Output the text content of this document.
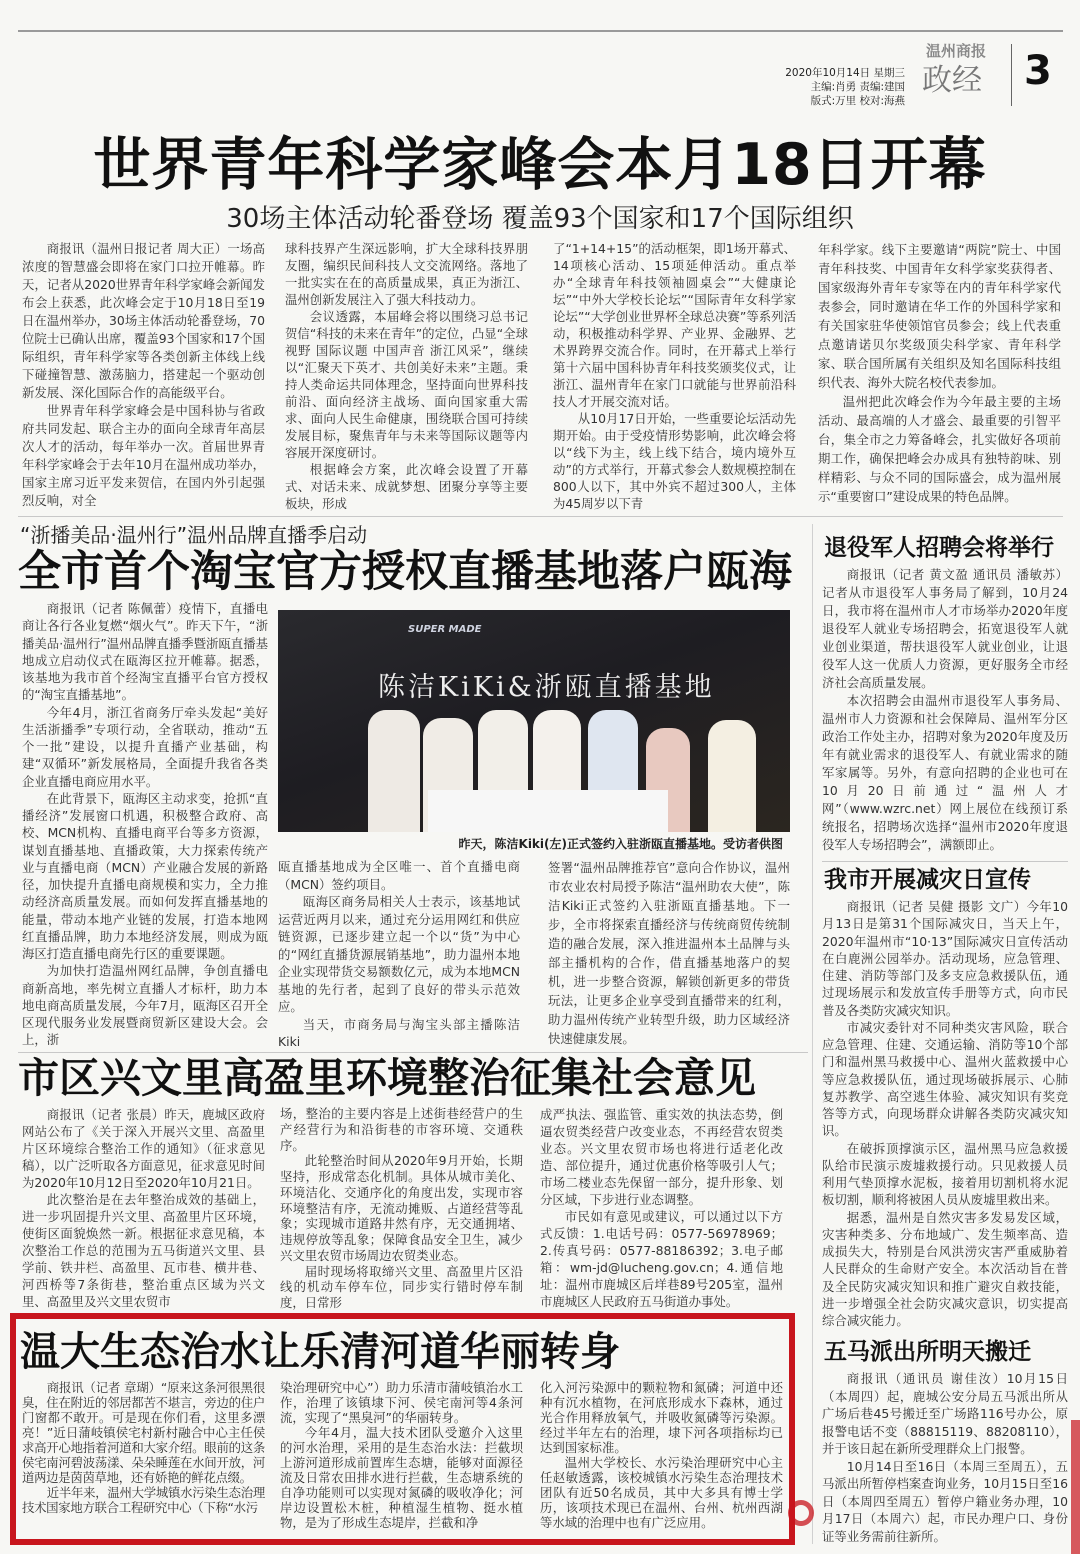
2020年10月14日 星期三
主编:肖勇 责编:建国
版式:万里 校对:海燕
温州商报
政经 3
世界青年科学家峰会本月18日开幕
30场主体活动轮番登场 覆盖93个国家和17个国际组织

商报讯（温州日报记者 周大正）一场高浓度的智慧盛会即将在家门口拉开帷幕。昨天，记者从2020世界青年科学家峰会新闻发布会上获悉，此次峰会定于10月18日至19日在温州举办，30场主体活动轮番登场，70位院士已确认出席，覆盖93个国家和17个国际组织，青年科学家等各类创新主体线上线下碰撞智慧、激荡脑力，搭建起一个驱动创新发展、深化国际合作的高能级平台。

世界青年科学家峰会是中国科协与省政府共同发起、联合主办的面向全球青年高层次人才的活动，每年举办一次。首届世界青年科学家峰会于去年10月在温州成功举办，国家主席习近平发来贺信，在国内外引起强烈反响，对全

球科技界产生深远影响，扩大全球科技界朋友圈，编织民间科技人文交流网络。落地了一批实实在在的高质量成果，真正为浙江、温州创新发展注入了强大科技动力。

会议透露，本届峰会将以围绕习总书记贺信“科技的未来在青年”的定位，凸显“全球视野 国际议题 中国声音 浙江风采”，继续以“汇聚天下英才、共创美好未来”主题。秉持人类命运共同体理念，坚持面向世界科技前沿、面向经济主战场、面向国家重大需求、面向人民生命健康，围绕联合国可持续发展目标，聚焦青年与未来等国际议题等内容展开深度研讨。

根据峰会方案，此次峰会设置了开幕式、对话未来、成就梦想、团聚分享等主要板块，形成

了“1+14+15”的活动框架，即1场开幕式、14项核心活动、15项延伸活动。重点举办“全球青年科技领袖圆桌会”“大健康论坛”“中外大学校长论坛”“国际青年女科学家论坛”“大学创业世界杯全球总决赛”等系列活动，积极推动科学界、产业界、金融界、艺术界跨界交流合作。同时，在开幕式上举行第十六届中国科协青年科技奖颁奖仪式，让浙江、温州青年在家门口就能与世界前沿科技人才开展交流对话。

从10月17日开始，一些重要论坛活动先期开始。由于受疫情形势影响，此次峰会将以“线下为主，线上线下结合，境内境外互动”的方式举行，开幕式参会人数规模控制在800人以下，其中外宾不超过300人，主体为45周岁以下青

年科学家。线下主要邀请“两院”院士、中国青年科技奖、中国青年女科学家奖获得者、国家级海外青年专家等在内的青年科学家代表参会，同时邀请在华工作的外国科学家和有关国家驻华使领馆官员参会；线上代表重点邀请诺贝尔奖级顶尖科学家、青年科学家、联合国所属有关组织及知名国际科技组织代表、海外大院名校代表参加。

温州把此次峰会作为今年最主要的主场活动、最高端的人才盛会、最重要的引智平台，集全市之力筹备峰会，扎实做好各项前期工作，确保把峰会办成具有独特韵味、别样精彩、与众不同的国际盛会，成为温州展示“重要窗口”建设成果的特色品牌。

“浙播美品·温州行”温州品牌直播季启动
全市首个淘宝官方授权直播基地落户瓯海

商报讯（记者 陈佩蕾）疫情下，直播电商让各行各业复燃“烟火气”。昨天下午，“浙播美品·温州行”温州品牌直播季暨浙瓯直播基地成立启动仪式在瓯海区拉开帷幕。据悉，该基地为我市首个经淘宝直播平台官方授权的“淘宝直播基地”。

今年4月，浙江省商务厅牵头发起“美好生活浙播季”专项行动，全省联动，推动“五个一批”建设，以提升直播产业基础，构建“双循环”新发展格局，全面提升我省各类企业直播电商应用水平。

在此背景下，瓯海区主动求变，抢抓“直播经济”发展窗口机遇，积极整合政府、高校、MCN机构、直播电商平台等多方资源，谋划直播基地、直播政策，大力探索传统产业与直播电商（MCN）产业融合发展的新路径，加快提升直播电商规模和实力，全力推动经济高质量发展。而如何发挥直播基地的能量，带动本地产业链的发展，打造本地网红直播品牌，助力本地经济发展，则成为瓯海区打造直播电商先行区的重要课题。

为加快打造温州网红品牌，争创直播电商新高地，率先树立直播人才标杆，助力本地电商高质量发展，今年7月，瓯海区召开全区现代服务业发展暨商贸新区建设大会。会上，浙

SUPER MADE
陈洁KiKi&浙瓯直播基地
昨天，陈洁Kiki(左)正式签约入驻浙瓯直播基地。受访者供图

瓯直播基地成为全区唯一、首个直播电商（MCN）签约项目。

瓯海区商务局相关人士表示，该基地试运营近两月以来，通过充分运用网红和供应链资源，已逐步建立起一个以“货”为中心的“网红直播货源展销基地”，助力温州本地企业实现带货交易额数亿元，成为本地MCN基地的先行者，起到了良好的带头示范效应。

当天，市商务局与淘宝头部主播陈洁Kiki

签署“温州品牌推荐官”意向合作协议，温州市农业农村局授予陈洁“温州助农大使”，陈洁Kiki正式签约入驻浙瓯直播基地。下一步，全市将探索直播经济与传统商贸传统制造的融合发展，深入推进温州本土品牌与头部主播机构的合作，借直播基地落户的契机，进一步整合资源，解锁创新更多的带货玩法，让更多企业享受到直播带来的红利，助力温州传统产业转型升级，助力区域经济快速健康发展。

退役军人招聘会将举行

商报讯（记者 黄文盈 通讯员 潘敏苏）记者从市退役军人事务局了解到，10月24日，我市将在温州市人才市场举办2020年度退役军人就业专场招聘会，拓宽退役军人就业创业渠道，帮扶退役军人就业创业，让退役军人这一优质人力资源，更好服务全市经济社会高质量发展。

本次招聘会由温州市退役军人事务局、温州市人力资源和社会保障局、温州军分区政治工作处主办，招聘对象为2020年度及历年有就业需求的退役军人、有就业需求的随军家属等。另外，有意向招聘的企业也可在10月20日前通过“温州人才网”（www.wzrc.net）网上展位在线预订系统报名，招聘场次选择“温州市2020年度退役军人专场招聘会”，满额即止。

我市开展减灾日宣传

商报讯（记者 吴健 摄影 文广）今年10月13日是第31个国际减灾日，当天上午，2020年温州市“10·13”国际减灾日宣传活动在白鹿洲公园举办。活动现场，应急管理、住建、消防等部门及多支应急救援队伍，通过现场展示和发放宣传手册等方式，向市民普及各类防灾减灾知识。

市减灾委针对不同种类灾害风险，联合应急管理、住建、交通运输、消防等10个部门和温州黑马救援中心、温州火蓝救援中心等应急救援队伍，通过现场破拆展示、心肺复苏教学、高空逃生体验、减灾知识有奖竞答等方式，向现场群众讲解各类防灾减灾知识。

在破拆顶撑演示区，温州黑马应急救援队给市民演示废墟救援行动。只见救援人员利用气垫顶撑水泥板，接着用切割机将水泥板切割，顺利将被困人员从废墟里救出来。

据悉，温州是自然灾害多发易发区域，灾害种类多、分布地域广、发生频率高、造成损失大，特别是台风洪涝灾害严重威胁着人民群众的生命财产安全。本次活动旨在普及全民防灾减灾知识和推广避灾自救技能，进一步增强全社会防灾减灾意识，切实提高综合减灾能力。

市区兴文里高盈里环境整治征集社会意见

商报讯（记者 张晨）昨天，鹿城区政府网站公布了《关于深入开展兴文里、高盈里片区环境综合整治工作的通知》（征求意见稿），以广泛听取各方面意见，征求意见时间为2020年10月12日至2020年10月21日。

此次整治是在去年整治成效的基础上，进一步巩固提升兴文里、高盈里片区环境，使街区面貌焕然一新。根据征求意见稿，本次整治工作总的范围为五马街道兴文里、县学前、铁井栏、高盈里、瓦市巷、横井巷、河西桥等7条街巷，整治重点区域为兴文里、高盈里及兴文里农贸市

场，整治的主要内容是上述街巷经营户的生产经营行为和沿街巷的市容环境、交通秩序。

此轮整治时间从2020年9月开始，长期坚持，形成常态化机制。具体从城市美化、环境洁化、交通序化的角度出发，实现市容环境整洁有序，无流动摊贩、占道经营等乱象；实现城市道路井然有序，无交通拥堵、违规停放等乱象；保障食品安全卫生，减少兴文里农贸市场周边农贸类业态。

届时现场将取缔兴文里、高盈里片区沿线的机动车停车位，同步实行错时停车制度，日常形

成严执法、强监管、重实效的执法态势，倒逼农贸类经营户改变业态，不再经营农贸类业态。兴文里农贸市场也将进行适老化改造、部位提升，通过优惠价格等吸引人气；市场二楼业态先保留一部分，提升形象、划分区域，下步进行业态调整。

市民如有意见或建议，可以通过以下方式反馈：1.电话号码：0577-56978969；2.传真号码：0577-88186392；3.电子邮箱：wm-jd@lucheng.gov.cn；4.通信地址：温州市鹿城区后垟巷89号205室，温州市鹿城区人民政府五马街道办事处。

温大生态治水让乐清河道华丽转身

商报讯（记者 章瑚）“原来这条河很黑很臭，住在附近的邻居都苦不堪言，旁边的住户门窗都不敢开。可是现在你们看，这里多漂亮！”近日蒲岐镇侯宅村新村融合中心主任侯求高开心地指着河道和大家介绍。眼前的这条侯宅南河碧波荡漾、朵朵睡莲在水间开放，河道两边是茵茵草地，还有娇艳的鲜花点缀。

近半年来，温州大学城镇水污染生态治理技术国家地方联合工程研究中心（下称“水污

染治理研究中心”）助力乐清市蒲岐镇治水工作，治理了该镇埭下河、侯宅南河等4条河流，实现了“黑臭河”的华丽转身。

今年4月，温大技术团队受邀介入这里的河水治理，采用的是生态治水法：拦截坝上游河道形成前置库生态塘，能够对面源径流及日常农田排水进行拦截，生态塘系统的自净功能则可以实现对氮磷的吸收净化；河岸边设置松木桩，种植湿生植物、挺水植物，是为了形成生态堤岸，拦截和净

化入河污染源中的颗粒物和氮磷；河道中还种有沉水植物，在河底形成水下森林，通过光合作用释放氧气，并吸收氮磷等污染源。经过半年左右的治理，埭下河各项指标均已达到国家标准。

温州大学校长、水污染治理研究中心主任赵敏透露，该校城镇水污染生态治理技术团队有近50名成员，其中大多具有博士学历，该项技术现已在温州、台州、杭州西湖等水域的治理中也有广泛应用。

五马派出所明天搬迁

商报讯（通讯员 谢佳汝）10月15日（本周四）起，鹿城公安分局五马派出所从广场后巷45号搬迁至广场路116号办公，原报警电话不变（88815119、88208110），并于该日起在新所受理群众上门报警。

10月14日至16日（本周三至周五），五马派出所暂停档案查询业务，10月15日至16日（本周四至周五）暂停户籍业务办理，10月17日（本周六）起，市民办理户口、身份证等业务需前往新所。
